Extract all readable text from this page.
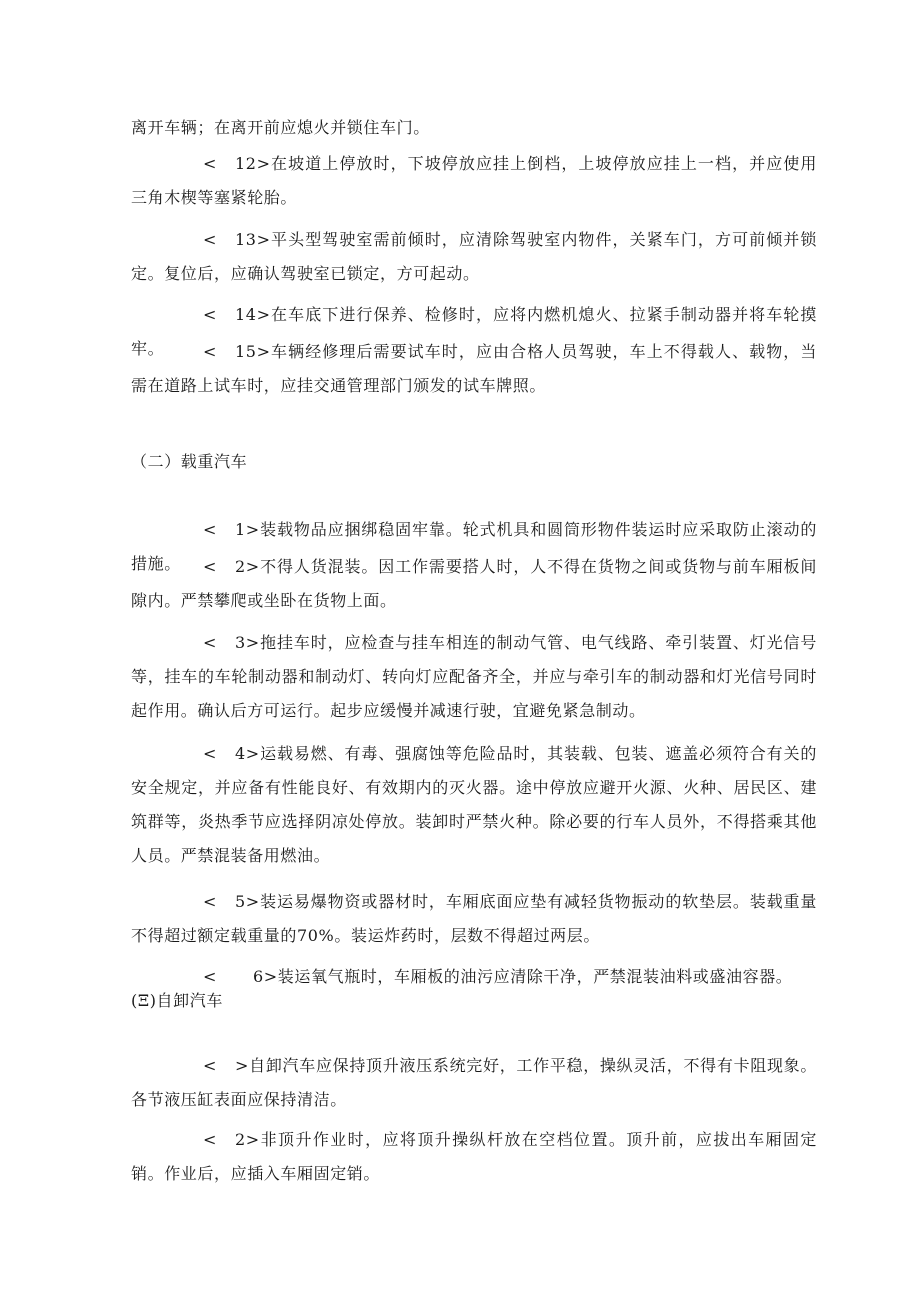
离开车辆；在离开前应熄火并锁住车门。

< 12>在坡道上停放时，下坡停放应挂上倒档，上坡停放应挂上一档，并应使用三角木楔等塞紧轮胎。

< 13>平头型驾驶室需前倾时，应清除驾驶室内物件，关紧车门，方可前倾并锁定。复位后，应确认驾驶室已锁定，方可起动。

< 14>在车底下进行保养、检修时，应将内燃机熄火、拉紧手制动器并将车轮摸牢。	< 15>车辆经修理后需要试车时，应由合格人员驾驶，车上不得载人、载物，当需在道路上试车时，应挂交通管理部门颁发的试车牌照。

（二）载重汽车

< 1>装载物品应捆绑稳固牢靠。轮式机具和圆筒形物件装运时应采取防止滚动的措施。	< 2>不得人货混装。因工作需要搭人时，人不得在货物之间或货物与前车厢板间隙内。严禁攀爬或坐卧在货物上面。

< 3>拖挂车时，应检查与挂车相连的制动气管、电气线路、牵引装置、灯光信号等，挂车的车轮制动器和制动灯、转向灯应配备齐全，并应与牵引车的制动器和灯光信号同时起作用。确认后方可运行。起步应缓慢并减速行驶，宜避免紧急制动。

< 4>运载易燃、有毒、强腐蚀等危险品时，其装载、包装、遮盖必须符合有关的安全规定，并应备有性能良好、有效期内的灭火器。途中停放应避开火源、火种、居民区、建筑群等，炎热季节应选择阴凉处停放。装卸时严禁火种。除必要的行车人员外，不得搭乘其他人员。严禁混装备用燃油。

< 5>装运易爆物资或器材时，车厢底面应垫有减轻货物振动的软垫层。装载重量不得超过额定载重量的70%。装运炸药时，层数不得超过两层。

< 6>装运氧气瓶时，车厢板的油污应清除干净，严禁混装油料或盛油容器。

(Ξ)自卸汽车

< >自卸汽车应保持顶升液压系统完好，工作平稳，操纵灵活，不得有卡阻现象。各节液压缸表面应保持清洁。

< 2>非顶升作业时，应将顶升操纵杆放在空档位置。顶升前，应拔出车厢固定销。作业后，应插入车厢固定销。
